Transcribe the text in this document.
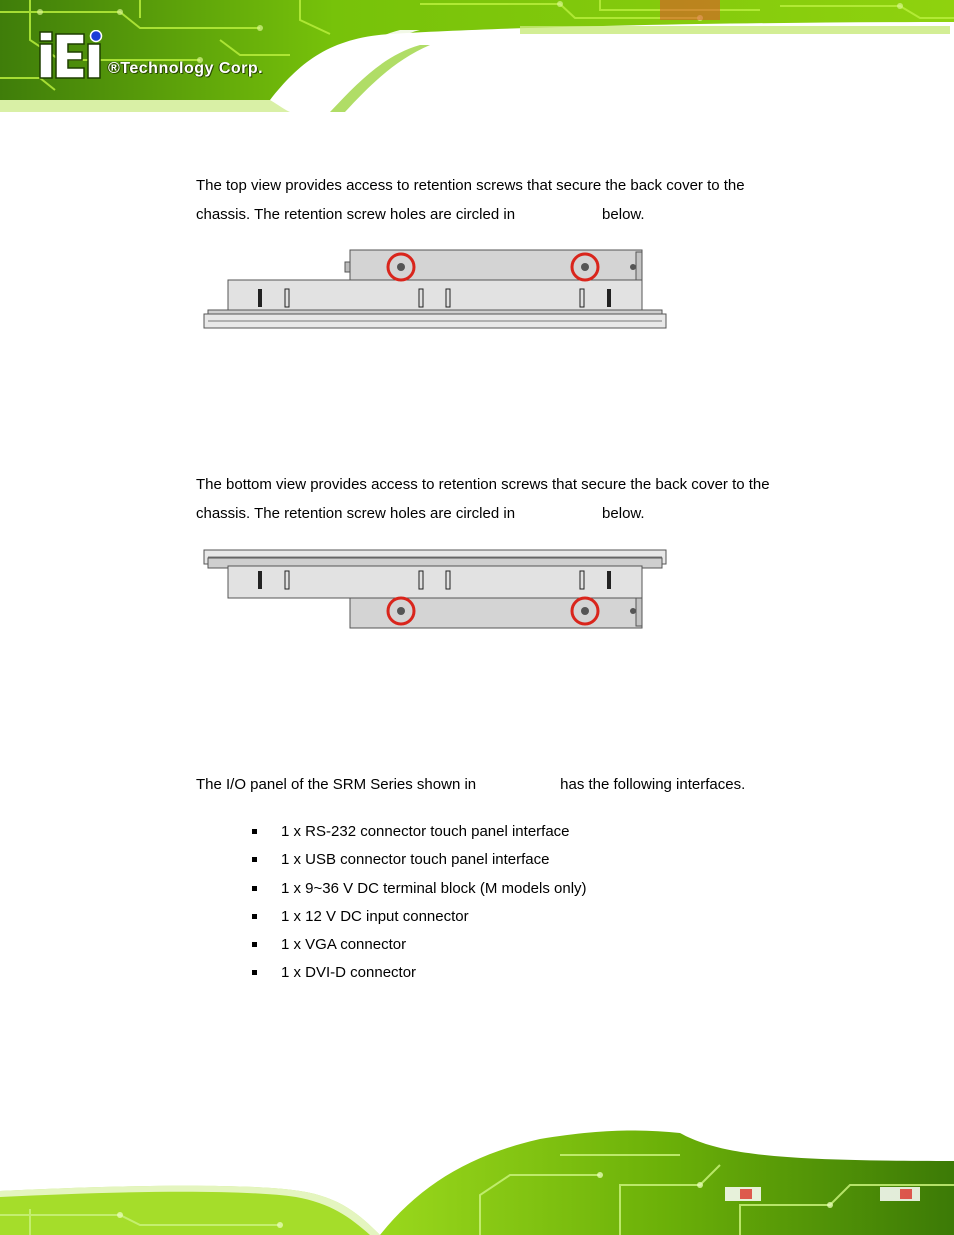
®Technology Corp.
The top view provides access to retention screws that secure the back cover to the
chassis. The retention screw holes are circled in	below.
The bottom view provides access to retention screws that secure the back cover to the
chassis. The retention screw holes are circled in	below.
The I/O panel of the SRM Series shown in	has the following interfaces.
1 x RS-232 connector touch panel interface
1 x USB connector touch panel interface
1 x 9~36 V DC terminal block (M models only)
1 x 12 V DC input connector
1 x VGA connector
1 x DVI-D connector
